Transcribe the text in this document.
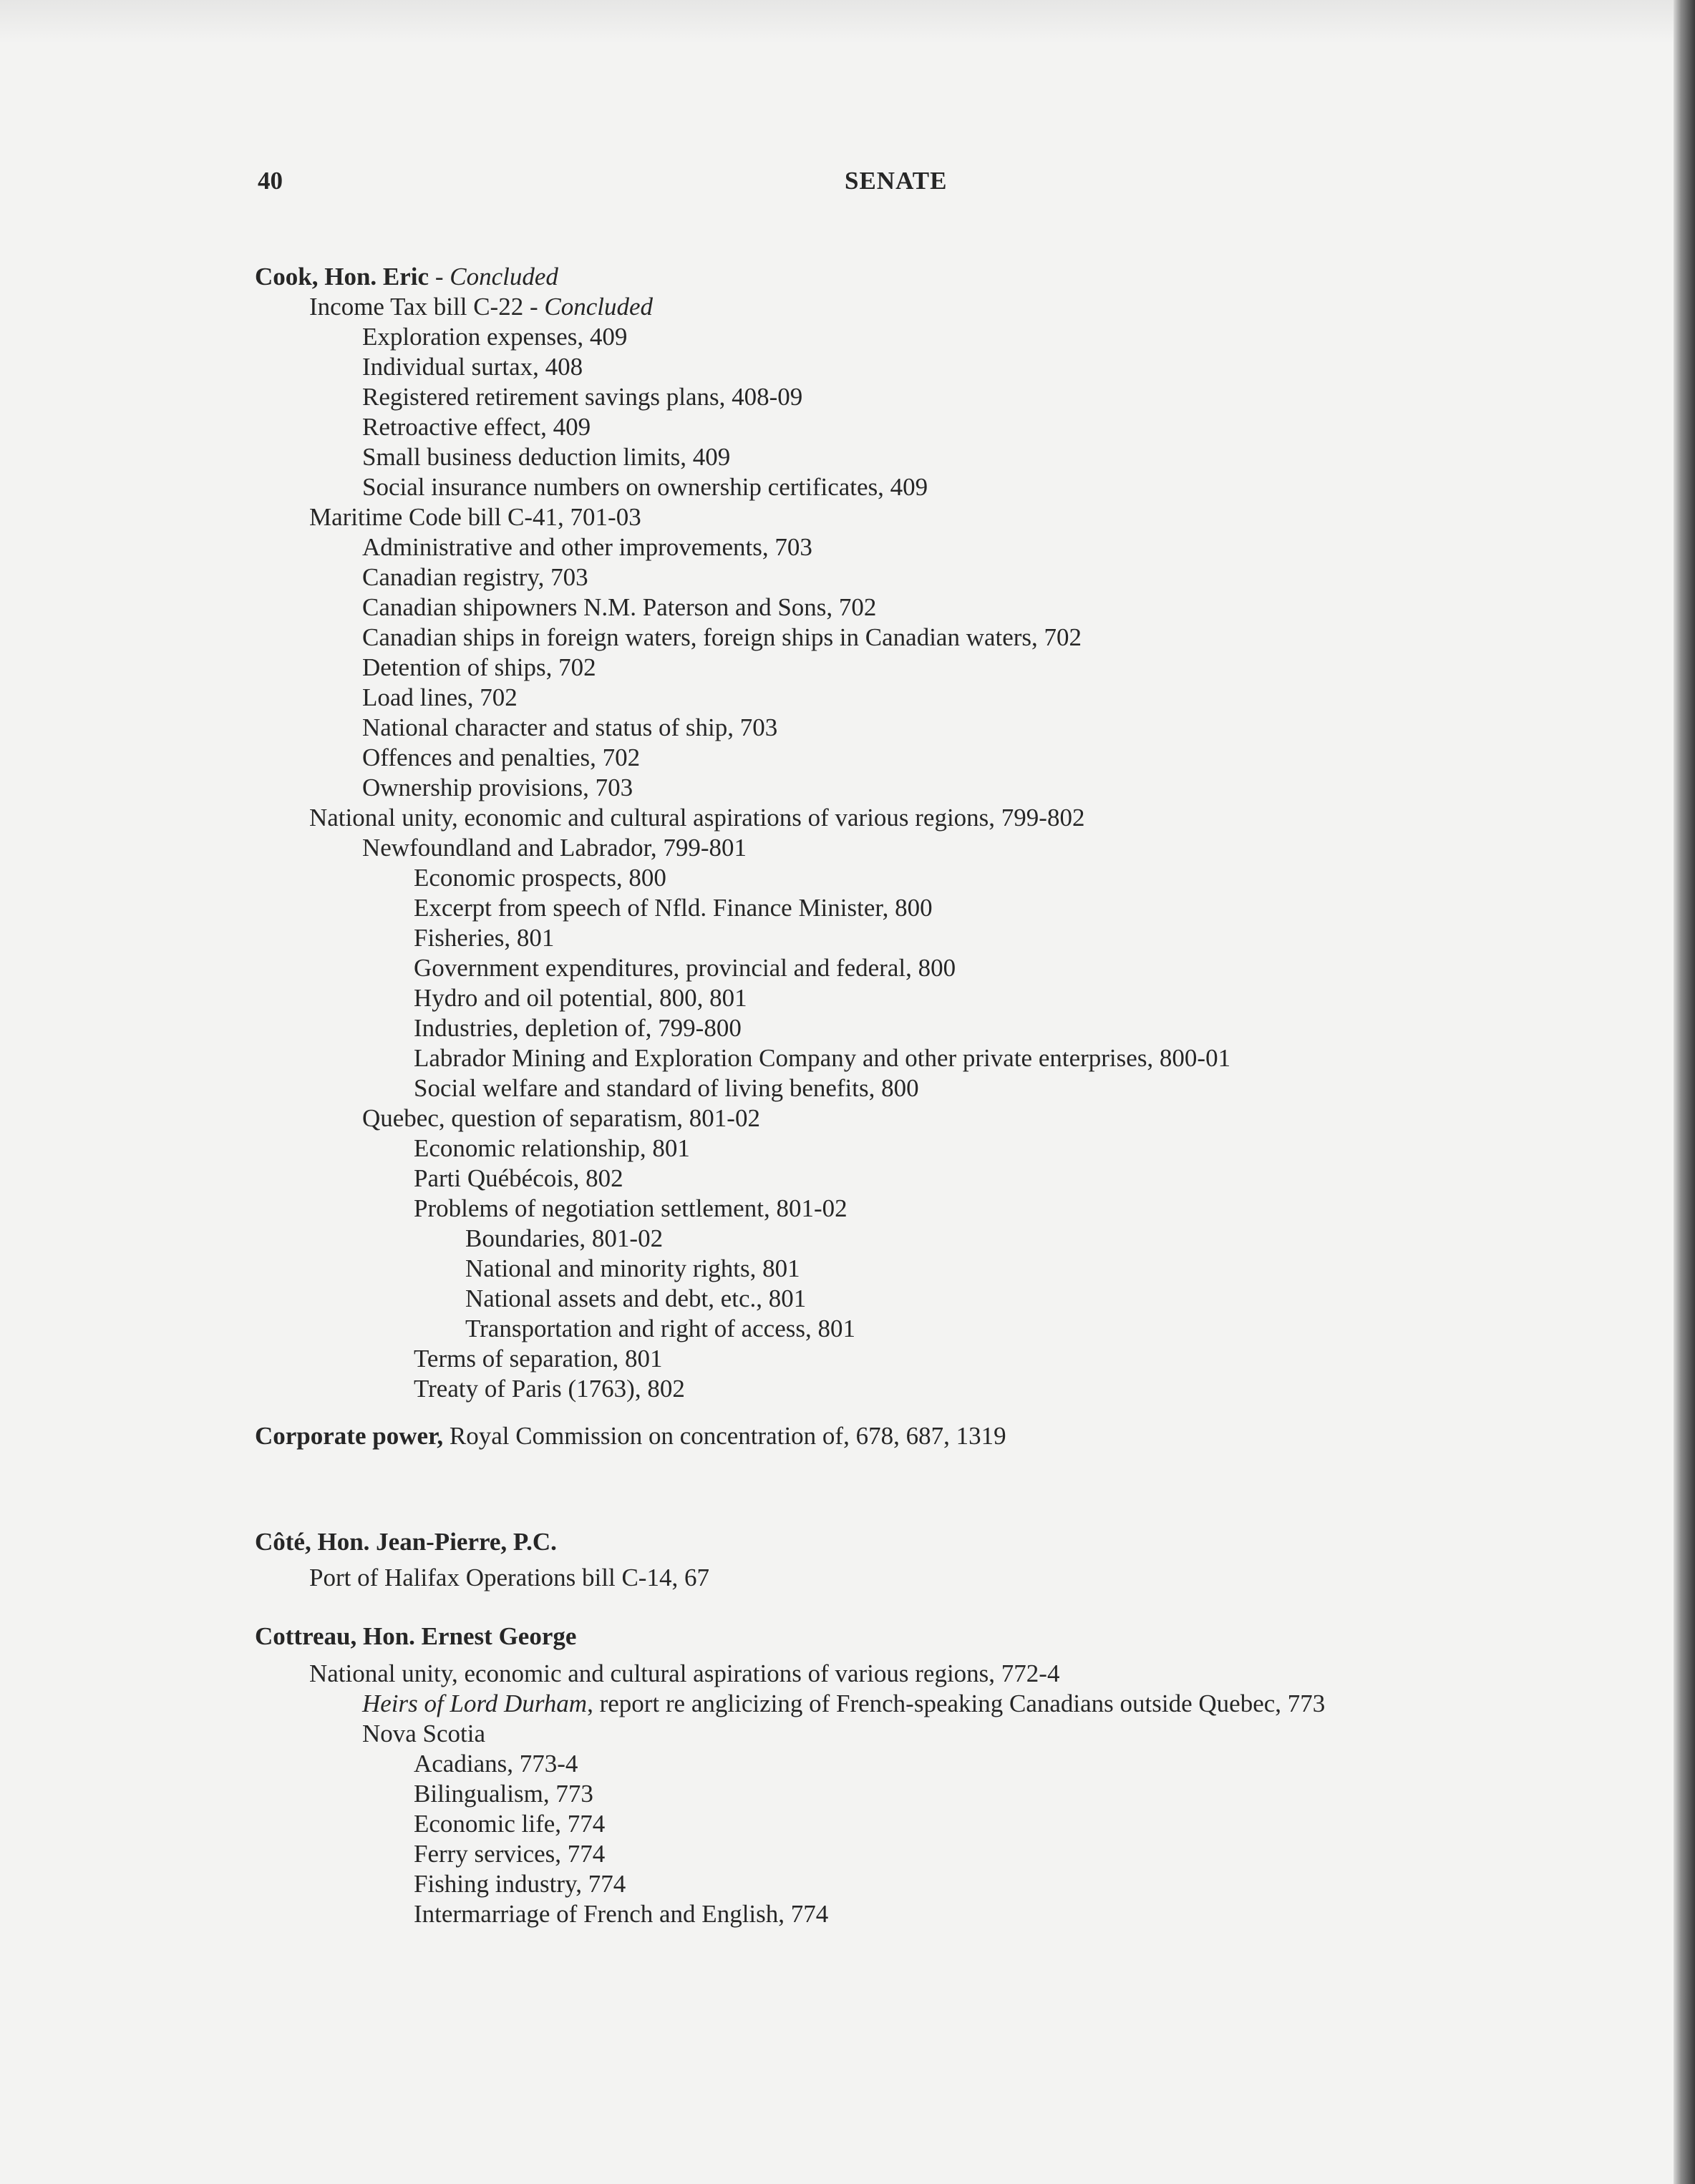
40	SENATE
Cook, Hon. Eric - Concluded
Income Tax bill C-22 - Concluded
Exploration expenses, 409
Individual surtax, 408
Registered retirement savings plans, 408-09
Retroactive effect, 409
Small business deduction limits, 409
Social insurance numbers on ownership certificates, 409
Maritime Code bill C-41, 701-03
Administrative and other improvements, 703
Canadian registry, 703
Canadian shipowners N.M. Paterson and Sons, 702
Canadian ships in foreign waters, foreign ships in Canadian waters, 702
Detention of ships, 702
Load lines, 702
National character and status of ship, 703
Offences and penalties, 702
Ownership provisions, 703
National unity, economic and cultural aspirations of various regions, 799-802
Newfoundland and Labrador, 799-801
Economic prospects, 800
Excerpt from speech of Nfld. Finance Minister, 800
Fisheries, 801
Government expenditures, provincial and federal, 800
Hydro and oil potential, 800, 801
Industries, depletion of, 799-800
Labrador Mining and Exploration Company and other private enterprises, 800-01
Social welfare and standard of living benefits, 800
Quebec, question of separatism, 801-02
Economic relationship, 801
Parti Québécois, 802
Problems of negotiation settlement, 801-02
Boundaries, 801-02
National and minority rights, 801
National assets and debt, etc., 801
Transportation and right of access, 801
Terms of separation, 801
Treaty of Paris (1763), 802
Corporate power, Royal Commission on concentration of, 678, 687, 1319
Côté, Hon. Jean-Pierre, P.C.
Port of Halifax Operations bill C-14, 67
Cottreau, Hon. Ernest George
National unity, economic and cultural aspirations of various regions, 772-4
Heirs of Lord Durham, report re anglicizing of French-speaking Canadians outside Quebec, 773
Nova Scotia
Acadians, 773-4
Bilingualism, 773
Economic life, 774
Ferry services, 774
Fishing industry, 774
Intermarriage of French and English, 774
